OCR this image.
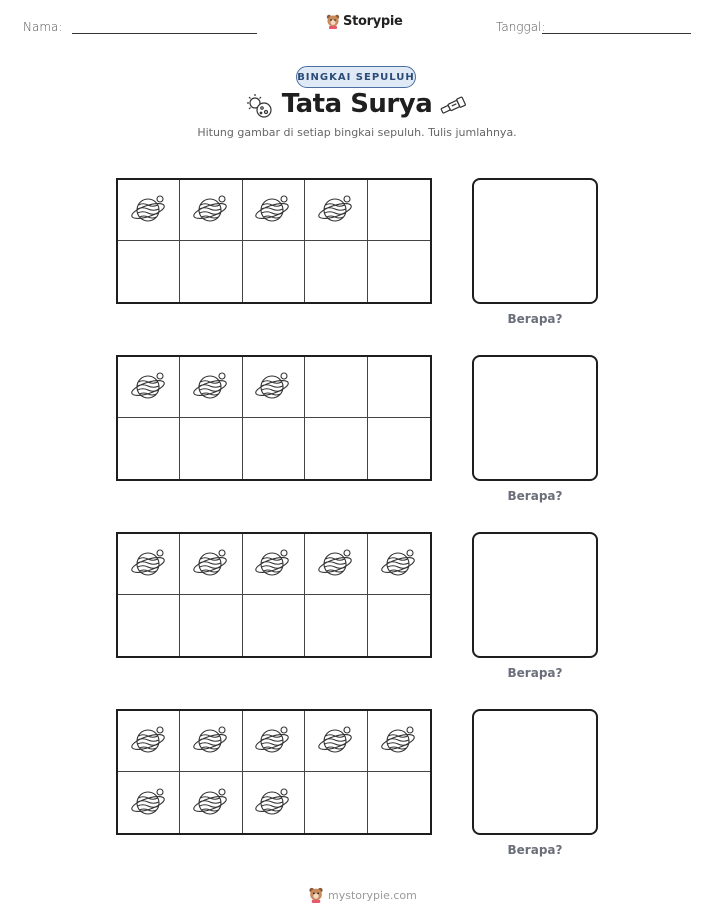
Nama:	Storypie	Tanggal:
BINGKAI SEPULUH
Tata Surya
Hitung gambar di setiap bingkai sepuluh. Tulis jumlahnya.
Berapa?
Berapa?
Berapa?
Berapa?
mystorypie.com
